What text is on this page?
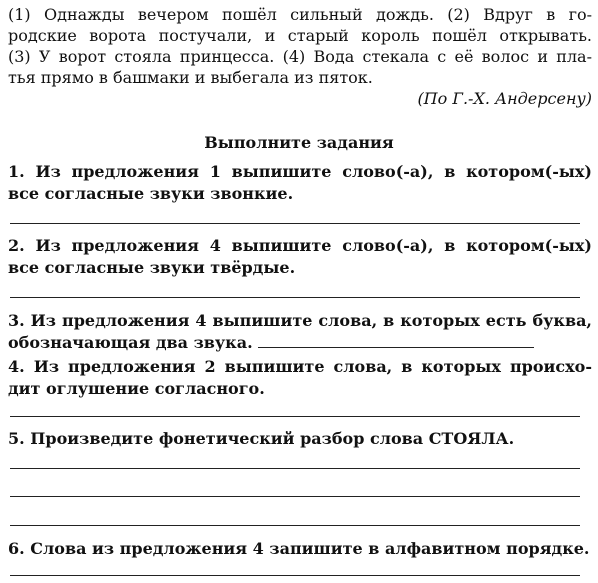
(1) Однажды вечером пошёл сильный дождь. (2) Вдруг в го-
родские ворота постучали, и старый король пошёл открывать.
(3) У ворот стояла принцесса. (4) Вода стекала с её волос и пла-
тья прямо в башмаки и выбегала из пяток.
(По Г.-Х. Андерсену)
Выполните задания
1. Из предложения 1 выпишите слово(-а), в котором(-ых)
все согласные звуки звонкие.
2. Из предложения 4 выпишите слово(-а), в котором(-ых)
все согласные звуки твёрдые.
3. Из предложения 4 выпишите слова, в которых есть буква,
обозначающая два звука.
4. Из предложения 2 выпишите слова, в которых происхо-
дит оглушение согласного.
5. Произведите фонетический разбор слова СТОЯЛА.
6. Слова из предложения 4 запишите в алфавитном порядке.
